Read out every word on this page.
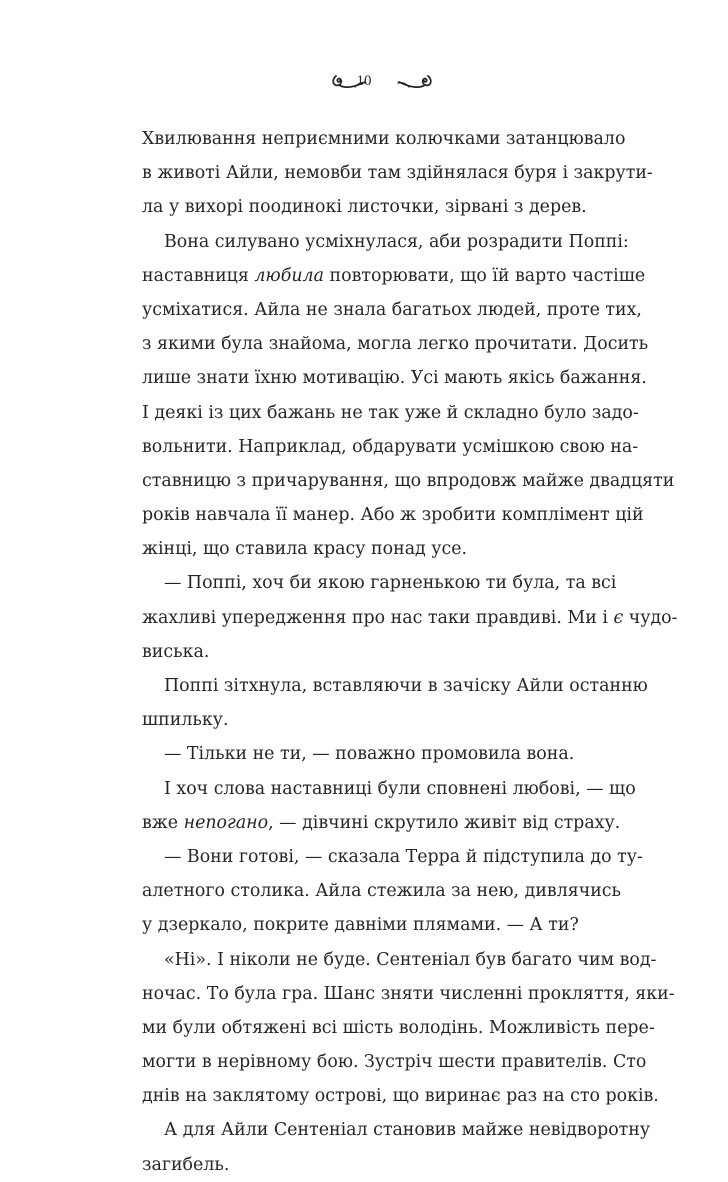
10
Хвилювання неприємними колючками затанцювало
в животі Айли, немовби там здійнялася буря і закрути-
ла у вихорі поодинокі листочки, зірвані з дерев.
Вона силувано усміхнулася, аби розрадити Поппі:
наставниця любила повторювати, що їй варто частіше
усміхатися. Айла не знала багатьох людей, проте тих,
з якими була знайома, могла легко прочитати. Досить
лише знати їхню мотивацію. Усі мають якісь бажання.
І деякі із цих бажань не так уже й складно було задо-
вольнити. Наприклад, обдарувати усмішкою свою на-
ставницю з причарування, що впродовж майже двадцяти
років навчала її манер. Або ж зробити комплімент цій
жінці, що ставила красу понад усе.
— Поппі, хоч би якою гарненькою ти була, та всі
жахливі упередження про нас таки правдиві. Ми і є чудо-
виська.
Поппі зітхнула, вставляючи в зачіску Айли останню
шпильку.
— Тільки не ти, — поважно промовила вона.
І хоч слова наставниці були сповнені любові, — що
вже непогано, — дівчині скрутило живіт від страху.
— Вони готові, — сказала Терра й підступила до ту-
алетного столика. Айла стежила за нею, дивлячись
у дзеркало, покрите давніми плямами. — А ти?
«Ні». І ніколи не буде. Сентеніал був багато чим вод-
ночас. То була гра. Шанс зняти численні прокляття, яки-
ми були обтяжені всі шість володінь. Можливість пере-
могти в нерівному бою. Зустріч шести правителів. Сто
днів на заклятому острові, що виринає раз на сто років.
А для Айли Сентеніал становив майже невідворотну
загибель.
